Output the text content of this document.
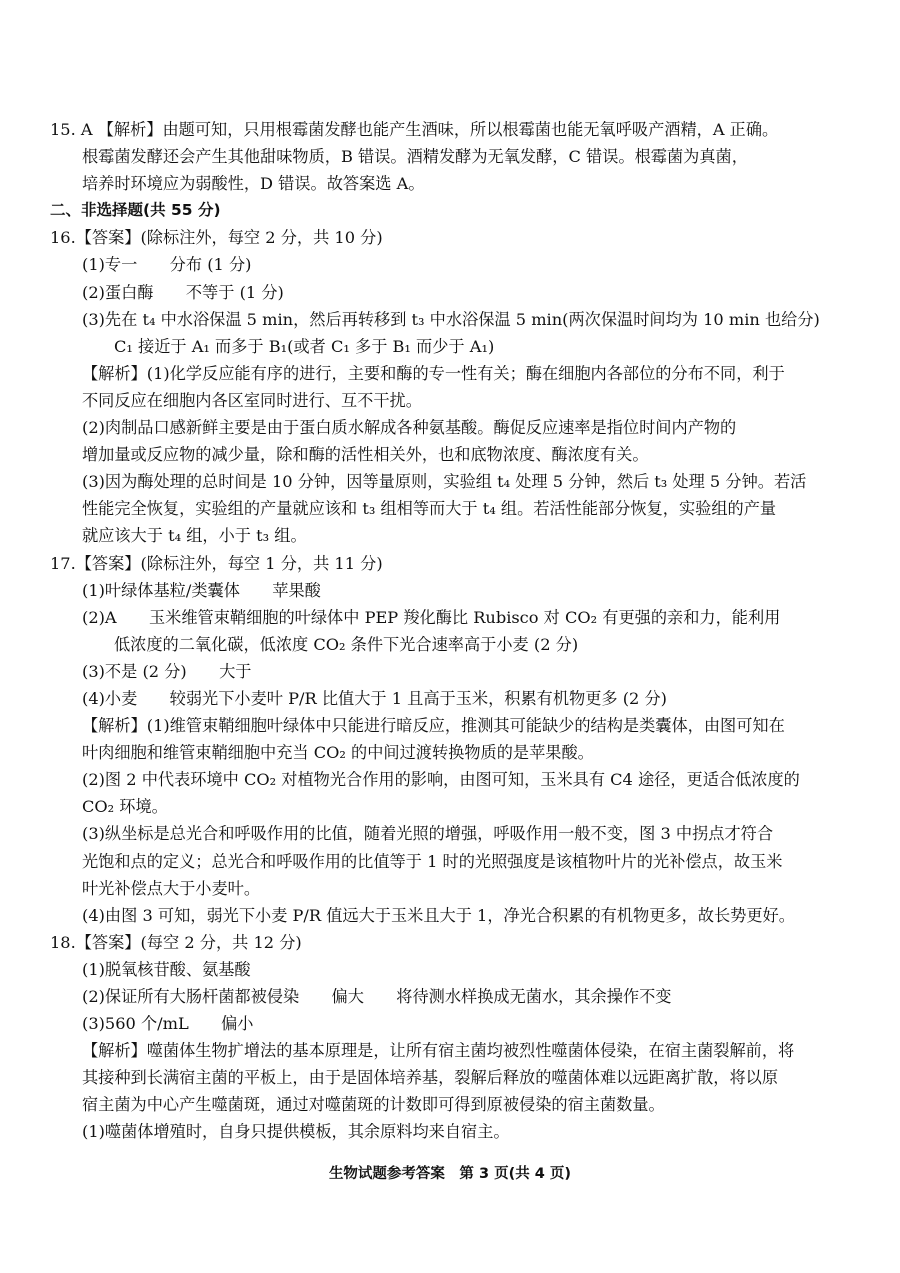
15. A 【解析】由题可知，只用根霉菌发酵也能产生酒味，所以根霉菌也能无氧呼吸产酒精，A 正确。
根霉菌发酵还会产生其他甜味物质，B 错误。酒精发酵为无氧发酵，C 错误。根霉菌为真菌，
培养时环境应为弱酸性，D 错误。故答案选 A。
二、非选择题(共 55 分)
16.【答案】(除标注外，每空 2 分，共 10 分)
(1)专一　　分布 (1 分)
(2)蛋白酶　　不等于 (1 分)
(3)先在 t₄ 中水浴保温 5 min，然后再转移到 t₃ 中水浴保温 5 min(两次保温时间均为 10 min 也给分)
C₁ 接近于 A₁ 而多于 B₁(或者 C₁ 多于 B₁ 而少于 A₁)
【解析】(1)化学反应能有序的进行，主要和酶的专一性有关；酶在细胞内各部位的分布不同，利于
不同反应在细胞内各区室同时进行、互不干扰。
(2)肉制品口感新鲜主要是由于蛋白质水解成各种氨基酸。酶促反应速率是指位时间内产物的
增加量或反应物的减少量，除和酶的活性相关外，也和底物浓度、酶浓度有关。
(3)因为酶处理的总时间是 10 分钟，因等量原则，实验组 t₄ 处理 5 分钟，然后 t₃ 处理 5 分钟。若活
性能完全恢复，实验组的产量就应该和 t₃ 组相等而大于 t₄ 组。若活性能部分恢复，实验组的产量
就应该大于 t₄ 组，小于 t₃ 组。
17.【答案】(除标注外，每空 1 分，共 11 分)
(1)叶绿体基粒/类囊体　　苹果酸
(2)A　　玉米维管束鞘细胞的叶绿体中 PEP 羧化酶比 Rubisco 对 CO₂ 有更强的亲和力，能利用
低浓度的二氧化碳，低浓度 CO₂ 条件下光合速率高于小麦 (2 分)
(3)不是 (2 分)　　大于
(4)小麦　　较弱光下小麦叶 P/R 比值大于 1 且高于玉米，积累有机物更多 (2 分)
【解析】(1)维管束鞘细胞叶绿体中只能进行暗反应，推测其可能缺少的结构是类囊体，由图可知在
叶肉细胞和维管束鞘细胞中充当 CO₂ 的中间过渡转换物质的是苹果酸。
(2)图 2 中代表环境中 CO₂ 对植物光合作用的影响，由图可知，玉米具有 C4 途径，更适合低浓度的
CO₂ 环境。
(3)纵坐标是总光合和呼吸作用的比值，随着光照的增强，呼吸作用一般不变，图 3 中拐点才符合
光饱和点的定义；总光合和呼吸作用的比值等于 1 时的光照强度是该植物叶片的光补偿点，故玉米
叶光补偿点大于小麦叶。
(4)由图 3 可知，弱光下小麦 P/R 值远大于玉米且大于 1，净光合积累的有机物更多，故长势更好。
18.【答案】(每空 2 分，共 12 分)
(1)脱氧核苷酸、氨基酸
(2)保证所有大肠杆菌都被侵染　　偏大　　将待测水样换成无菌水，其余操作不变
(3)560 个/mL　　偏小
【解析】噬菌体生物扩增法的基本原理是，让所有宿主菌均被烈性噬菌体侵染，在宿主菌裂解前，将
其接种到长满宿主菌的平板上，由于是固体培养基，裂解后释放的噬菌体难以远距离扩散，将以原
宿主菌为中心产生噬菌斑，通过对噬菌斑的计数即可得到原被侵染的宿主菌数量。
(1)噬菌体增殖时，自身只提供模板，其余原料均来自宿主。
生物试题参考答案　第 3 页(共 4 页)
